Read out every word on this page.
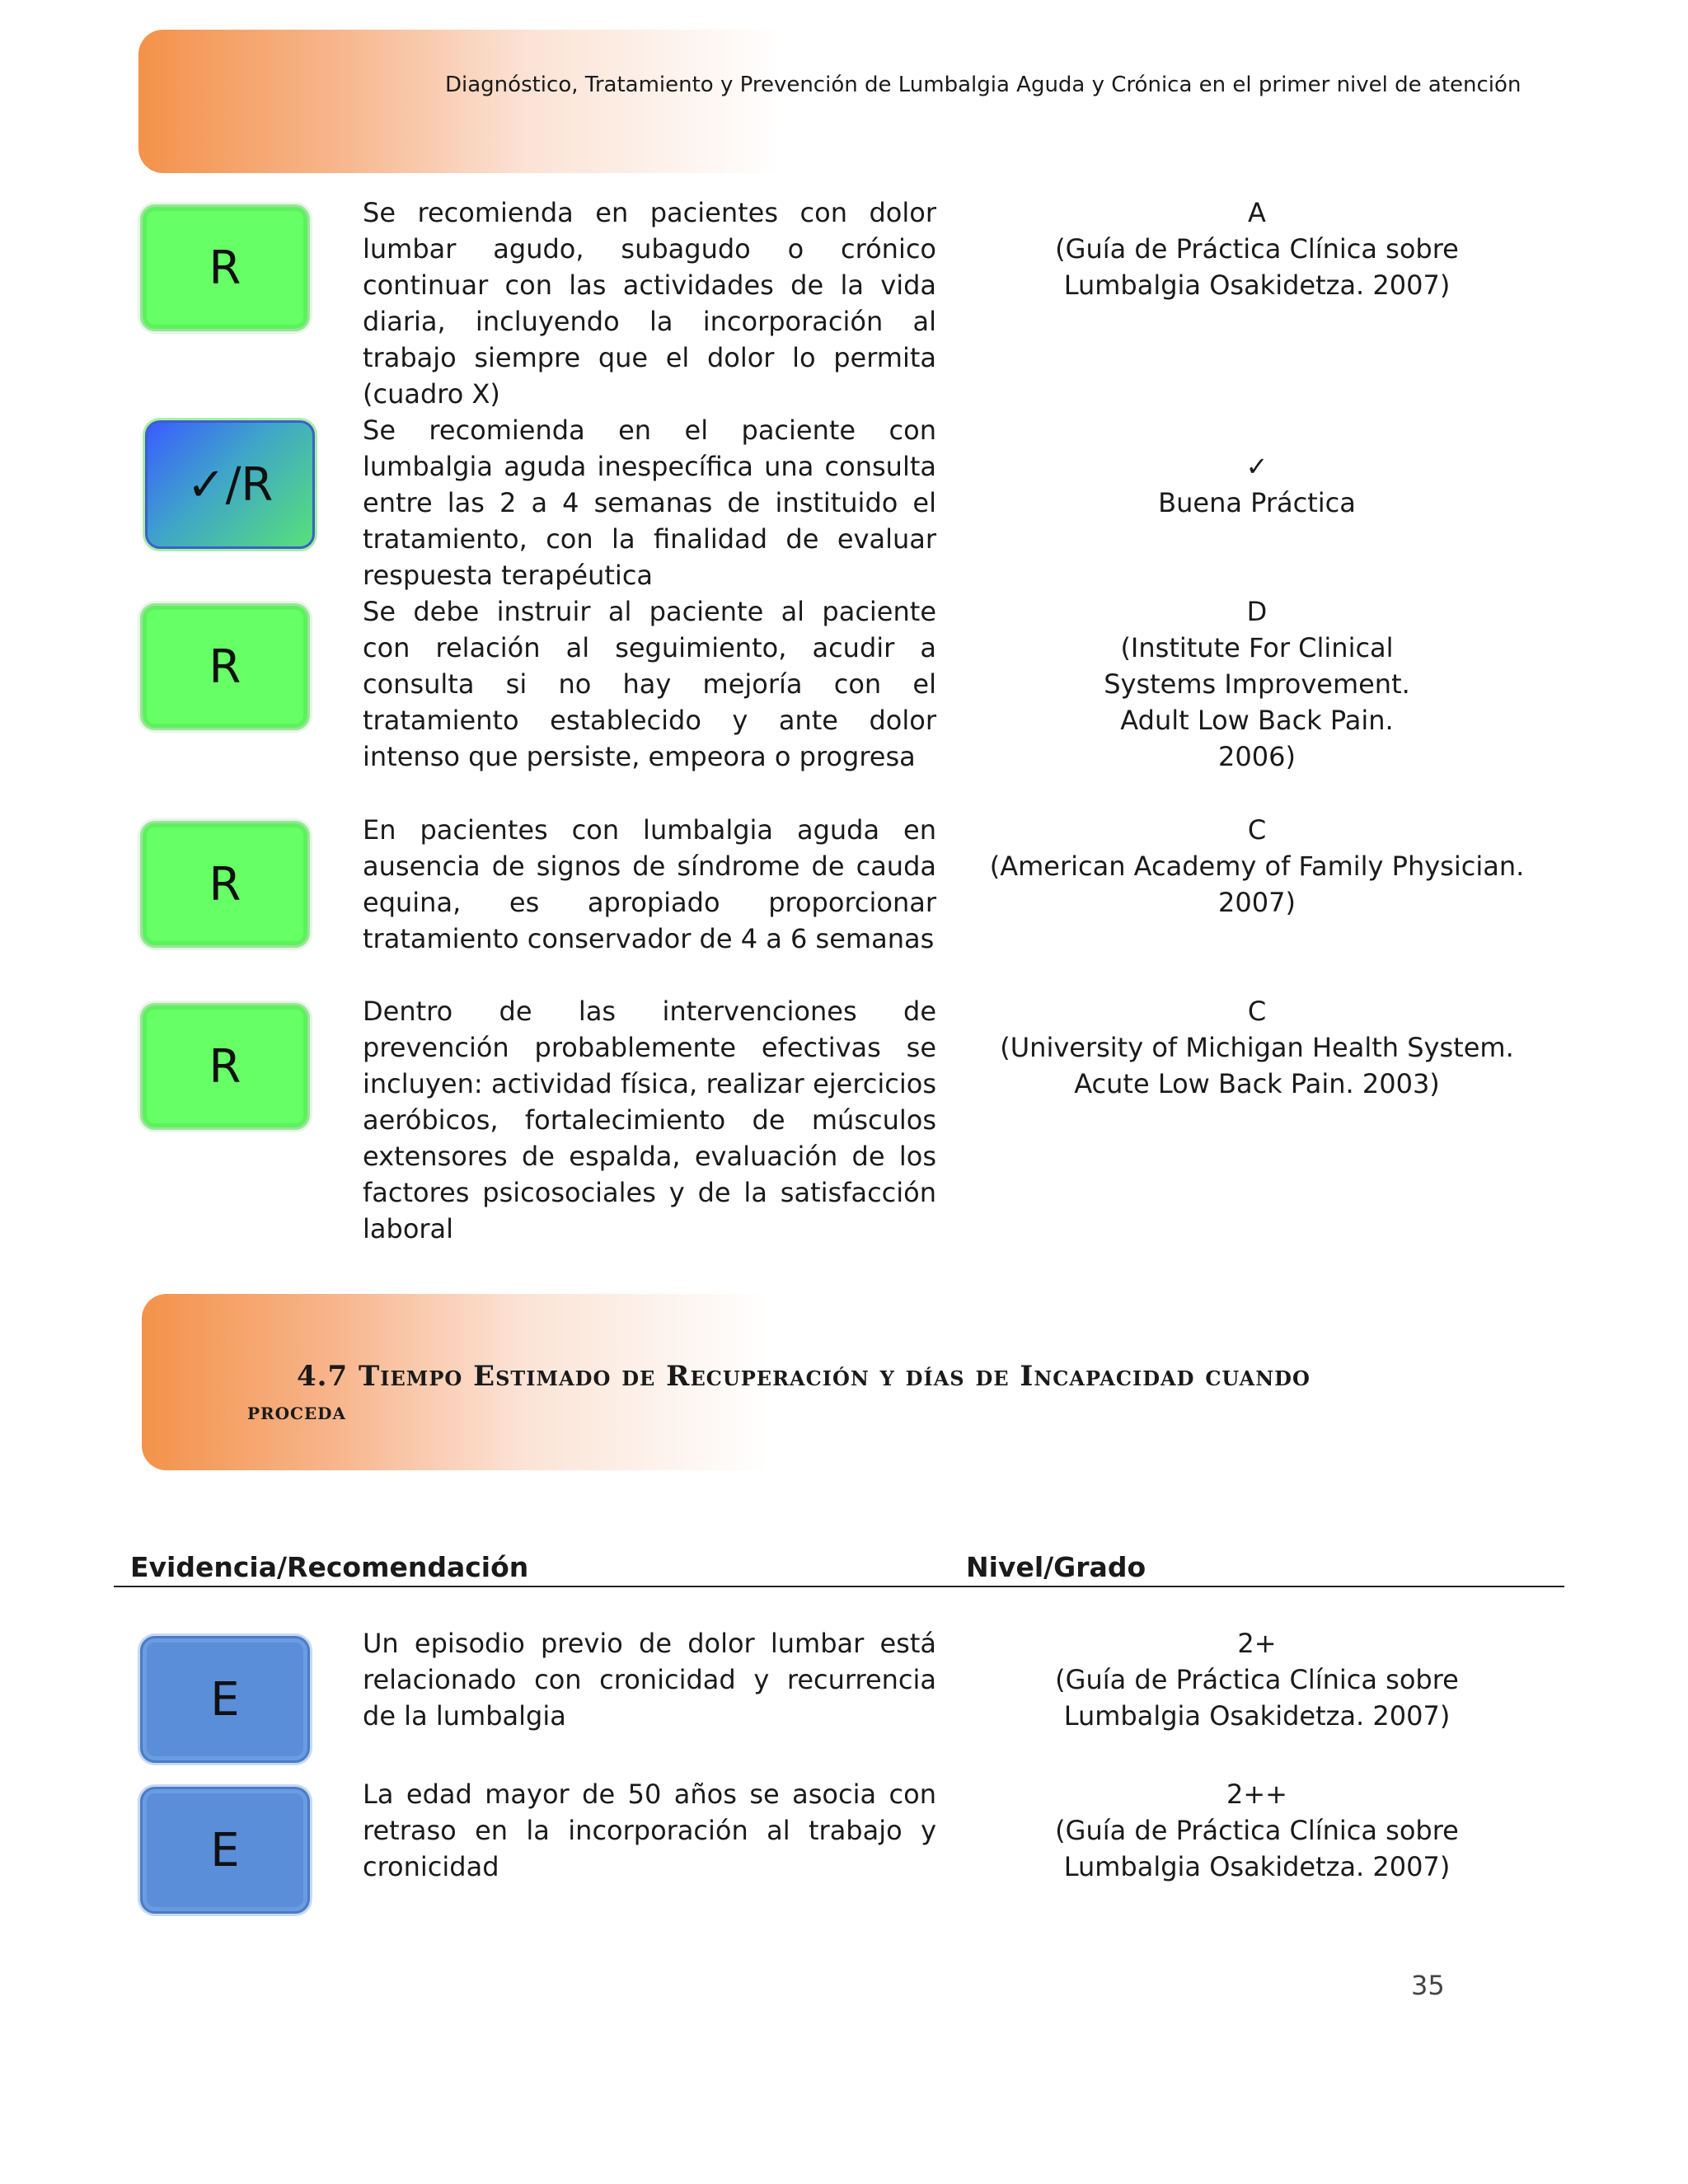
Diagnóstico, Tratamiento y Prevención de Lumbalgia Aguda y Crónica en el primer nivel de atención
R
Se recomienda en pacientes con dolor lumbar agudo, subagudo o crónico continuar con las actividades de la vida diaria, incluyendo la incorporación al trabajo siempre que el dolor lo permita (cuadro X)
A
(Guía de Práctica Clínica sobre Lumbalgia Osakidetza. 2007)
✓/R
Se recomienda en el paciente con lumbalgia aguda inespecífica una consulta entre las 2 a 4 semanas de instituido el tratamiento, con la finalidad de evaluar respuesta terapéutica
✓
Buena Práctica
R
Se debe instruir al paciente al paciente con relación al seguimiento, acudir a consulta si no hay mejoría con el tratamiento establecido y ante dolor intenso que persiste, empeora o progresa
D
(Institute For Clinical Systems Improvement. Adult Low Back Pain. 2006)
R
En pacientes con lumbalgia aguda en ausencia de signos de síndrome de cauda equina, es apropiado proporcionar tratamiento conservador de 4 a 6 semanas
C
(American Academy of Family Physician. 2007)
R
Dentro de las intervenciones de prevención probablemente efectivas se incluyen: actividad física, realizar ejercicios aeróbicos, fortalecimiento de músculos extensores de espalda, evaluación de los factores psicosociales y de la satisfacción laboral
C
(University of Michigan Health System. Acute Low Back Pain. 2003)
4.7 Tiempo Estimado de Recuperación y días de Incapacidad cuando
proceda
Evidencia/Recomendación	Nivel/Grado
E
Un episodio previo de dolor lumbar está relacionado con cronicidad y recurrencia de la lumbalgia
2+
(Guía de Práctica Clínica sobre Lumbalgia Osakidetza. 2007)
E
La edad mayor de 50 años se asocia con retraso en la incorporación al trabajo y cronicidad
2++
(Guía de Práctica Clínica sobre Lumbalgia Osakidetza. 2007)
35
